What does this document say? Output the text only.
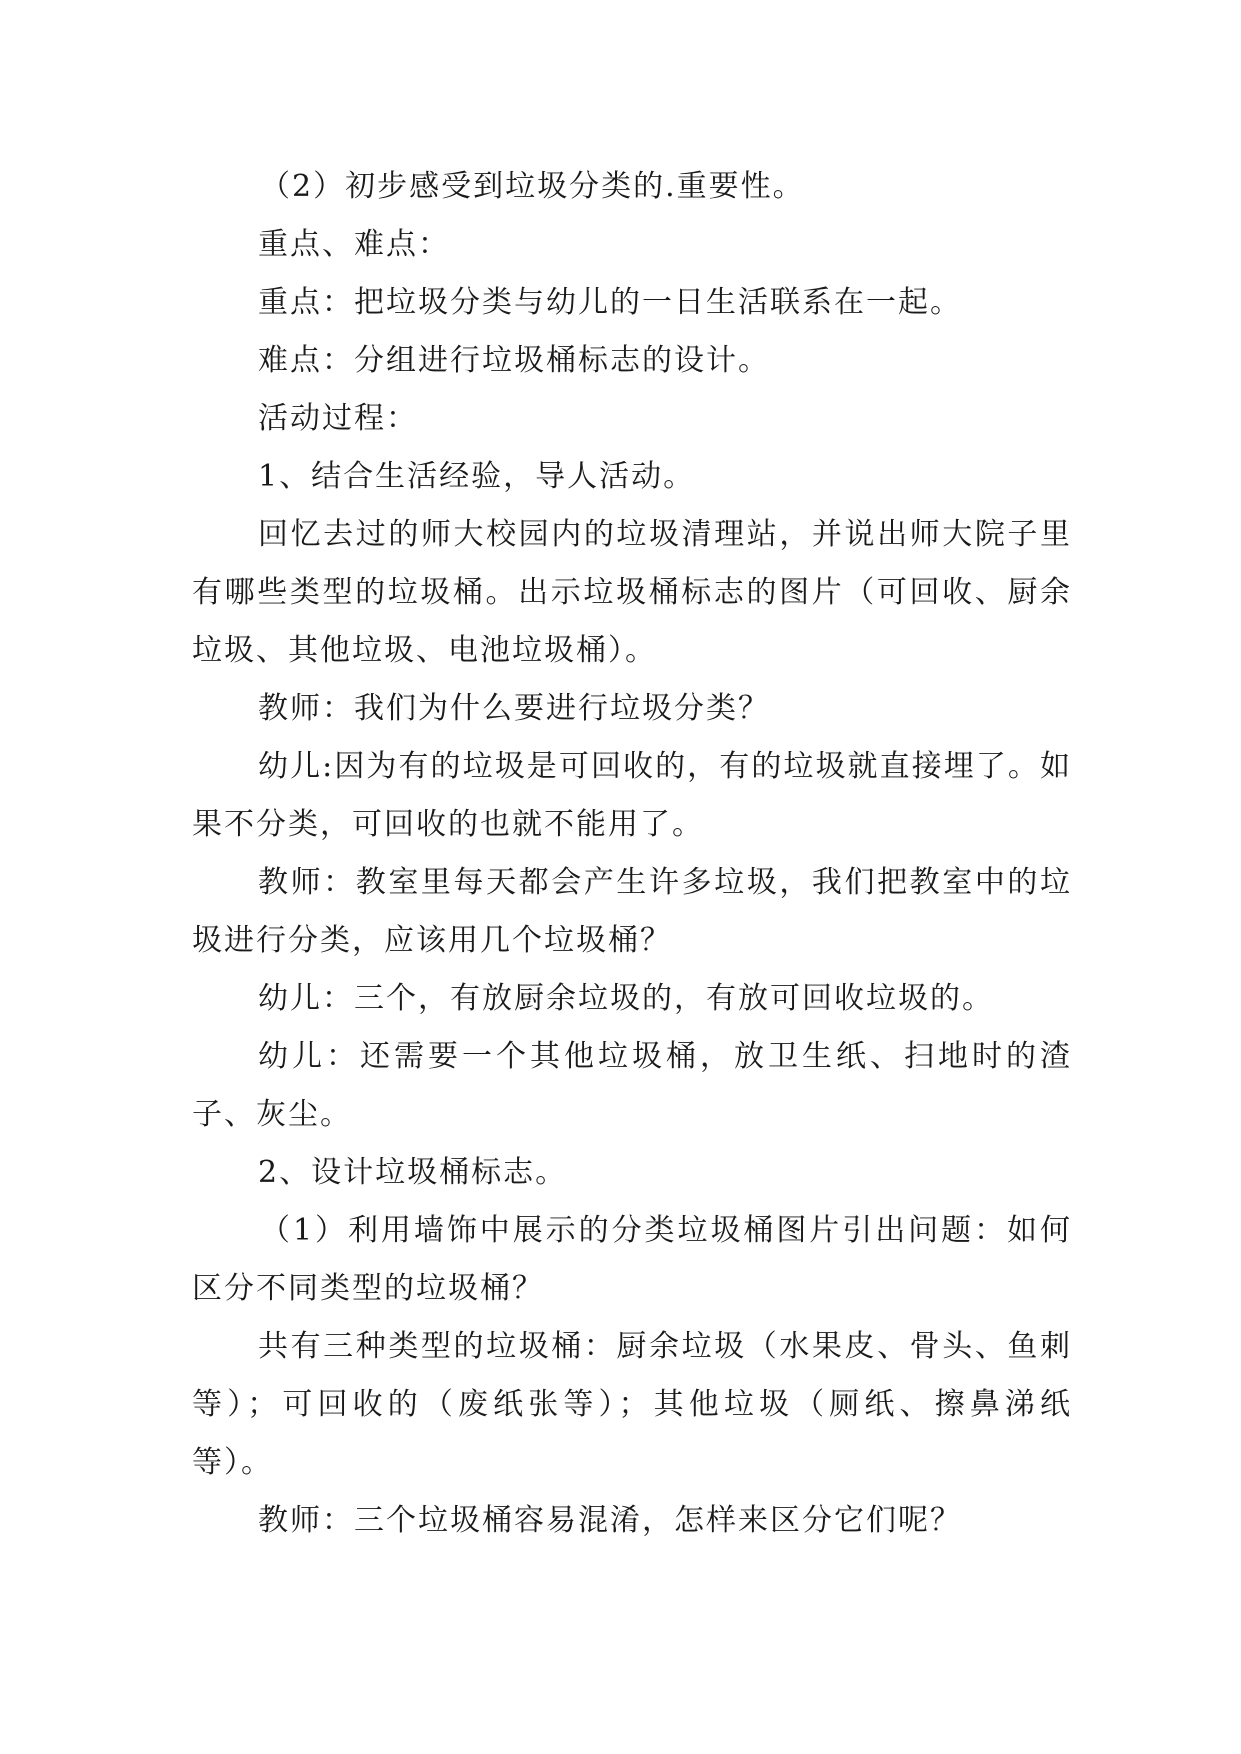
（2）初步感受到垃圾分类的.重要性。

重点、难点：

重点：把垃圾分类与幼儿的一日生活联系在一起。

难点：分组进行垃圾桶标志的设计。

活动过程：

1、结合生活经验，导人活动。

回忆去过的师大校园内的垃圾清理站，并说出师大院子里有哪些类型的垃圾桶。出示垃圾桶标志的图片（可回收、厨余垃圾、其他垃圾、电池垃圾桶）。

教师：我们为什么要进行垃圾分类？

幼儿:因为有的垃圾是可回收的，有的垃圾就直接埋了。如果不分类，可回收的也就不能用了。

教师：教室里每天都会产生许多垃圾，我们把教室中的垃圾进行分类，应该用几个垃圾桶？

幼儿：三个，有放厨余垃圾的，有放可回收垃圾的。

幼儿：还需要一个其他垃圾桶，放卫生纸、扫地时的渣子、灰尘。

2、设计垃圾桶标志。

（1）利用墙饰中展示的分类垃圾桶图片引出问题：如何区分不同类型的垃圾桶？

共有三种类型的垃圾桶：厨余垃圾（水果皮、骨头、鱼刺等）；可回收的（废纸张等）；其他垃圾（厕纸、擦鼻涕纸等）。

教师：三个垃圾桶容易混淆，怎样来区分它们呢？
